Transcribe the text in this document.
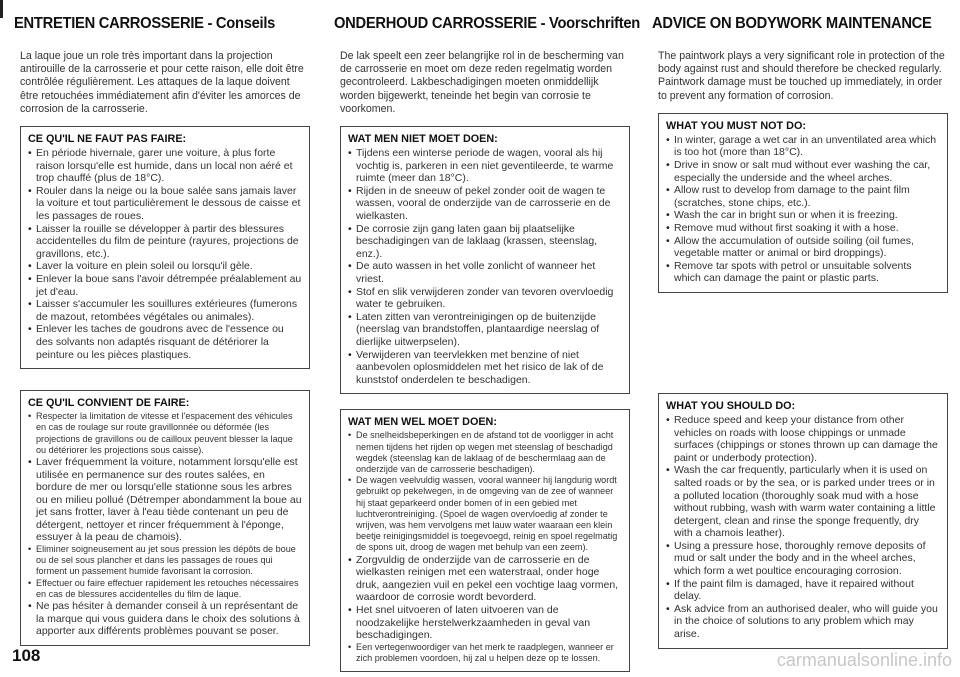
ENTRETIEN CARROSSERIE - Conseils

La laque joue un role très important dans la projection antirouille de la carrosserie et pour cette raison, elle doit être contrôlée régulièrement. Les attaques de la laque doivent être retouchées immédiatement afin d'éviter les amorces de corrosion de la carrosserie.

CE QU'IL NE FAUT PAS FAIRE:
• En période hivernale, garer une voiture, à plus forte raison lorsqu'elle est humide, dans un local non aéré et trop chauffé (plus de 18°C).
• Rouler dans la neige ou la boue salée sans jamais laver la voiture et tout particulièrement le dessous de caisse et les passages de roues.
• Laisser la rouille se développer à partir des blessures accidentelles du film de peinture (rayures, projections de gravillons, etc.).
• Laver la voiture en plein soleil ou lorsqu'il gèle.
• Enlever la boue sans l'avoir détrempée préalablement au jet d'eau.
• Laisser s'accumuler les souillures extérieures (fumerons de mazout, retombées végétales ou animales).
• Enlever les taches de goudrons avec de l'essence ou des solvants non adaptés risquant de détériorer la peinture ou les pièces plastiques.
CE QU'IL CONVIENT DE FAIRE:
• Respecter la limitation de vitesse et l'espacement des véhicules en cas de roulage sur route gravillonnée ou déformée (les projections de gravillons ou de cailloux peuvent blesser la laque ou détériorer les projections sous caisse).
• Laver fréquemment la voiture, notamment lorsqu'elle est utilisée en permanence sur des routes salées, en bordure de mer ou lorsqu'elle stationne sous les arbres ou en milieu pollué (Détremper abondamment la boue au jet sans frotter, laver à l'eau tiède contenant un peu de détergent, nettoyer et rincer fréquemment à l'éponge, essuyer à la peau de chamois).
• Eliminer soigneusement au jet sous pression les dépôts de boue ou de sel sous plancher et dans les passages de roues qui forment un passement humide favorisant la corrosion.
• Effectuer ou faire effectuer rapidement les retouches nécessaires en cas de blessures accidentelles du film de laque.
• Ne pas hésiter à demander conseil à un représentant de la marque qui vous guidera dans le choix des solutions à apporter aux différents problèmes pouvant se poser.
ONDERHOUD CARROSSERIE - Voorschriften

De lak speelt een zeer belangrijke rol in de bescherming van de carrosserie en moet om deze reden regelmatig worden gecontroleerd. Lakbeschadigingen moeten onmiddellijk worden bijgewerkt, teneinde het begin van corrosie te voorkomen.

WAT MEN NIET MOET DOEN:
• Tijdens een winterse periode de wagen, vooral als hij vochtig is, parkeren in een niet geventileerde, te warme ruimte (meer dan 18°C).
• Rijden in de sneeuw of pekel zonder ooit de wagen te wassen, vooral de onderzijde van de carrosserie en de wielkasten.
• De corrosie zijn gang laten gaan bij plaatselijke beschadigingen van de laklaag (krassen, steenslag, enz.).
• De auto wassen in het volle zonlicht of wanneer het vriest.
• Stof en slik verwijderen zonder van tevoren overvloedig water te gebruiken.
• Laten zitten van verontreinigingen op de buitenzijde (neerslag van brandstoffen, plantaardige neerslag of dierlijke uitwerpselen).
• Verwijderen van teervlekken met benzine of niet aanbevolen oplosmiddelen met het risico de lak of de kunststof onderdelen te beschadigen.
WAT MEN WEL MOET DOEN:
• De snelheidsbeperkingen en de afstand tot de voorligger in acht nemen tijdens het rijden op wegen met steenslag of beschadigd wegdek (steenslag kan de laklaag of de beschermlaag aan de onderzijde van de carrosserie beschadigen).
• De wagen veelvuldig wassen, vooral wanneer hij langdurig wordt gebruikt op pekelwegen, in de omgeving van de zee of wanneer hij staat geparkeerd onder bomen of in een gebied met luchtverontreiniging. (Spoel de wagen overvloedig af zonder te wrijven, was hem vervolgens met lauw water waaraan een klein beetje reinigingsmiddel is toegevoegd, reinig en spoel regelmatig de spons uit, droog de wagen met behulp van een zeem).
• Zorgvuldig de onderzijde van de carrosserie en de wielkasten reinigen met een waterstraal, onder hoge druk, aangezien vuil en pekel een vochtige laag vormen, waardoor de corrosie wordt bevorderd.
• Het snel uitvoeren of laten uitvoeren van de noodzakelijke herstelwerkzaamheden in geval van beschadigingen.
• Een vertegenwoordiger van het merk te raadplegen, wanneer er zich problemen voordoen, hij zal u helpen deze op te lossen.
ADVICE ON BODYWORK MAINTENANCE

The paintwork plays a very significant role in protection of the body against rust and should therefore be checked regularly. Paintwork damage must be touched up immediately, in order to prevent any formation of corrosion.

WHAT YOU MUST NOT DO:
• In winter, garage a wet car in an unventilated area which is too hot (more than 18°C).
• Drive in snow or salt mud without ever washing the car, especially the underside and the wheel arches.
• Allow rust to develop from damage to the paint film (scratches, stone chips, etc.).
• Wash the car in bright sun or when it is freezing.
• Remove mud without first soaking it with a hose.
• Allow the accumulation of outside soiling (oil fumes, vegetable matter or animal or bird droppings).
• Remove tar spots with petrol or unsuitable solvents which can damage the paint or plastic parts.
WHAT YOU SHOULD DO:
• Reduce speed and keep your distance from other vehicles on roads with loose chippings or unmade surfaces (chippings or stones thrown up can damage the paint or underbody protection).
• Wash the car frequently, particularly when it is used on salted roads or by the sea, or is parked under trees or in a polluted location (thoroughly soak mud with a hose without rubbing, wash with warm water containing a little detergent, clean and rinse the sponge frequently, dry with a chamois leather).
• Using a pressure hose, thoroughly remove deposits of mud or salt under the body and in the wheel arches, which form a wet poultice encouraging corrosion.
• If the paint film is damaged, have it repaired without delay.
• Ask advice from an authorised dealer, who will guide you in the choice of solutions to any problem which may arise.
108	carmanualsonline.info
